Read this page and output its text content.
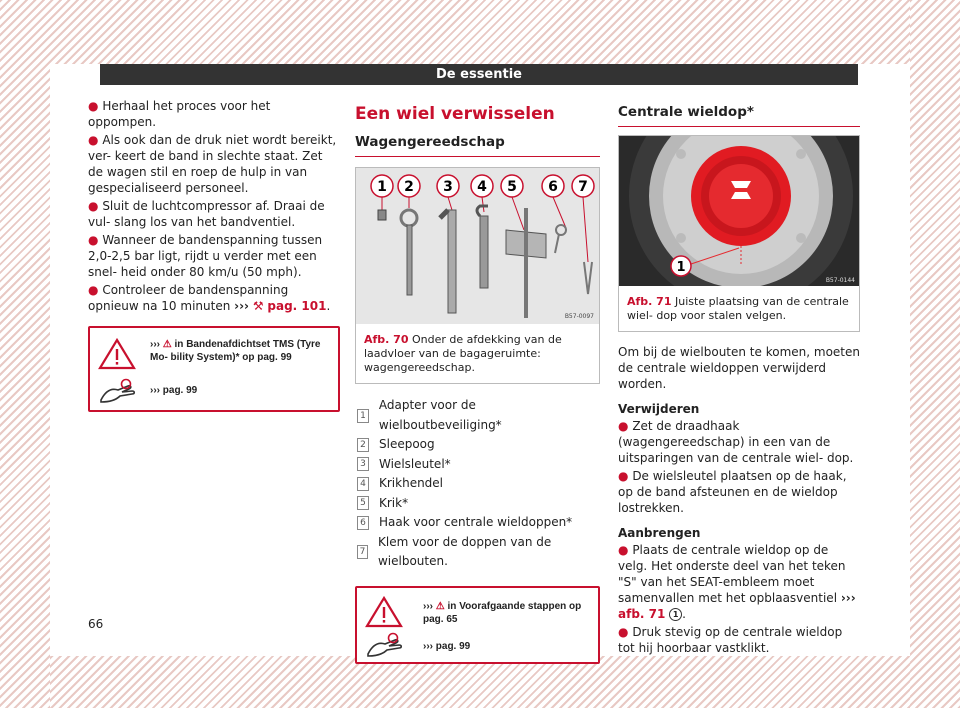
De essentie

● Herhaal het proces voor het oppompen.

● Als ook dan de druk niet wordt bereikt, ver- keert de band in slechte staat. Zet de wagen stil en roep de hulp in van gespecialiseerd personeel.

● Sluit de luchtcompressor af. Draai de vul- slang los van het bandventiel.

● Wanneer de bandenspanning tussen 2,0-2,5 bar ligt, rijdt u verder met een snel- heid onder 80 km/u (50 mph).

● Controleer de bandenspanning opnieuw na 10 minuten ››› ⚒ pag. 101.

››› ⚠ in Bandenafdichtset TMS (Tyre Mo- bility System)* op pag. 99
››› pag. 99
Een wiel verwisselen
Wagengereedschap
1 2 3 4 5 6 7
B57-0097
Afb. 70 Onder de afdekking van de laadvloer van de bagageruimte: wagengereedschap.
1
Adapter voor de wielboutbeveiliging*
2 Sleepoog
3 Wielsleutel*
4 Krikhendel
5 Krik*
6 Haak voor centrale wieldoppen*
7
Klem voor de doppen van de wielbouten.
››› ⚠ in Voorafgaande stappen op pag. 65
››› pag. 99
Centrale wieldop*
1
B57-0144
Afb. 71 Juiste plaatsing van de centrale wiel- dop voor stalen velgen.

Om bij de wielbouten te komen, moeten de centrale wieldoppen verwijderd worden.

Verwijderen

● Zet de draadhaak (wagengereedschap) in een van de uitsparingen van de centrale wiel- dop.

● De wielsleutel plaatsen op de haak, op de band afsteunen en de wieldop lostrekken.

Aanbrengen

● Plaats de centrale wieldop op de velg. Het onderste deel van het teken "S" van het SEAT-embleem moet samenvallen met het opblaasventiel ››› afb. 71 1 .

● Druk stevig op de centrale wieldop tot hij hoorbaar vastklikt.

66
